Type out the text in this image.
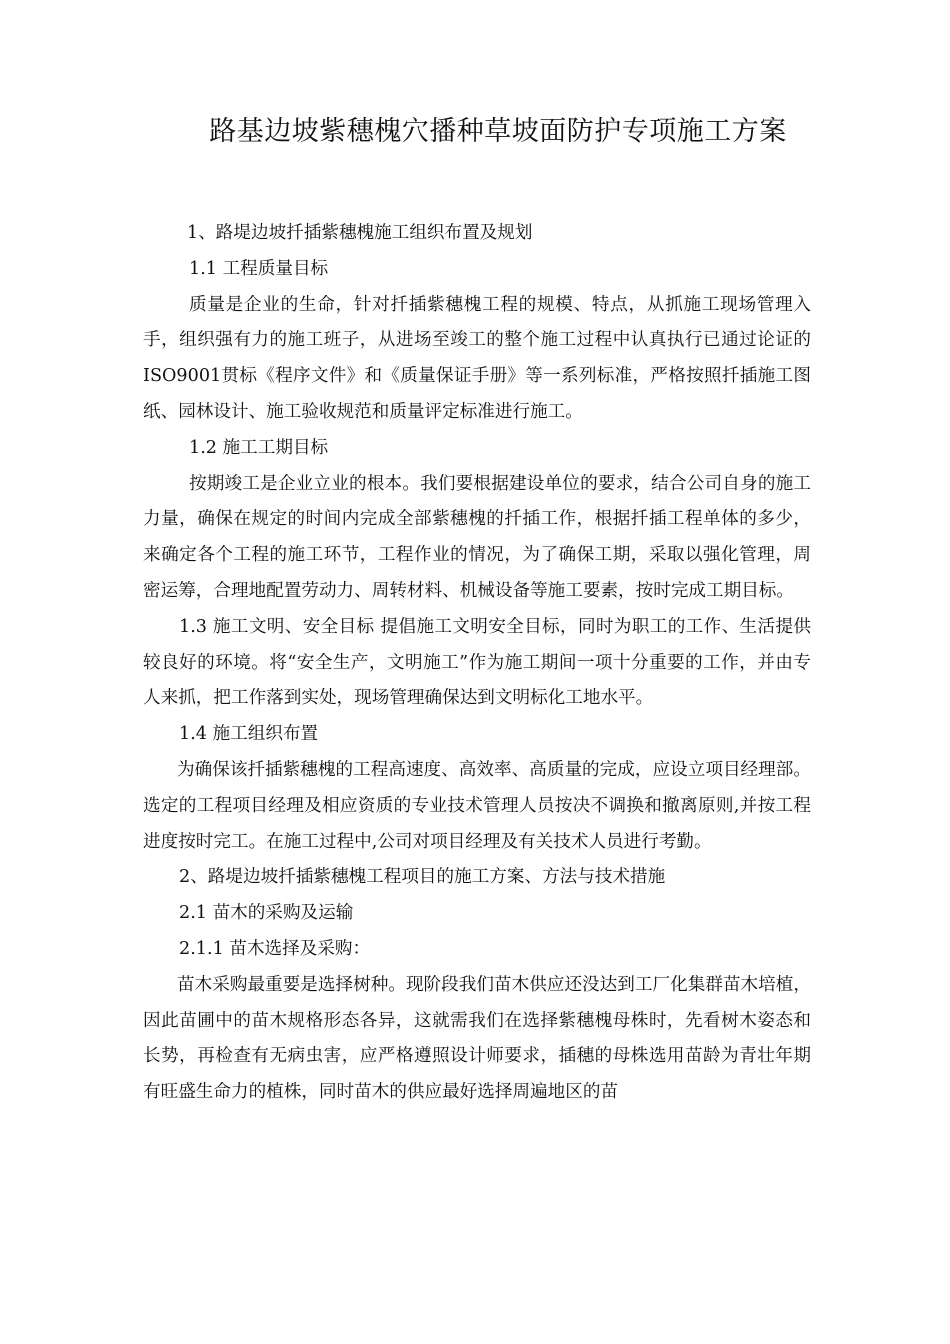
路基边坡紫穗槐穴播种草坡面防护专项施工方案

1、路堤边坡扦插紫穗槐施工组织布置及规划

1.1 工程质量目标

质量是企业的生命，针对扦插紫穗槐工程的规模、特点，从抓施工现场管理入手，组织强有力的施工班子，从进场至竣工的整个施工过程中认真执行已通过论证的ISO9001贯标《程序文件》和《质量保证手册》等一系列标准，严格按照扦插施工图纸、园林设计、施工验收规范和质量评定标准进行施工。

1.2 施工工期目标

按期竣工是企业立业的根本。我们要根据建设单位的要求，结合公司自身的施工力量，确保在规定的时间内完成全部紫穗槐的扦插工作，根据扦插工程单体的多少，来确定各个工程的施工环节，工程作业的情况，为了确保工期，采取以强化管理，周密运筹，合理地配置劳动力、周转材料、机械设备等施工要素，按时完成工期目标。

1.3 施工文明、安全目标 提倡施工文明安全目标，同时为职工的工作、生活提供较良好的环境。将“安全生产，文明施工”作为施工期间一项十分重要的工作，并由专人来抓，把工作落到实处，现场管理确保达到文明标化工地水平。

1.4 施工组织布置

为确保该扦插紫穗槐的工程高速度、高效率、高质量的完成，应设立项目经理部。选定的工程项目经理及相应资质的专业技术管理人员按决不调换和撤离原则,并按工程进度按时完工。在施工过程中,公司对项目经理及有关技术人员进行考勤。

2、路堤边坡扦插紫穗槐工程项目的施工方案、方法与技术措施

2.1 苗木的采购及运输

2.1.1 苗木选择及采购：

苗木采购最重要是选择树种。现阶段我们苗木供应还没达到工厂化集群苗木培植，因此苗圃中的苗木规格形态各异，这就需我们在选择紫穗槐母株时，先看树木姿态和长势，再检查有无病虫害，应严格遵照设计师要求，插穗的母株选用苗龄为青壮年期有旺盛生命力的植株，同时苗木的供应最好选择周遍地区的苗
